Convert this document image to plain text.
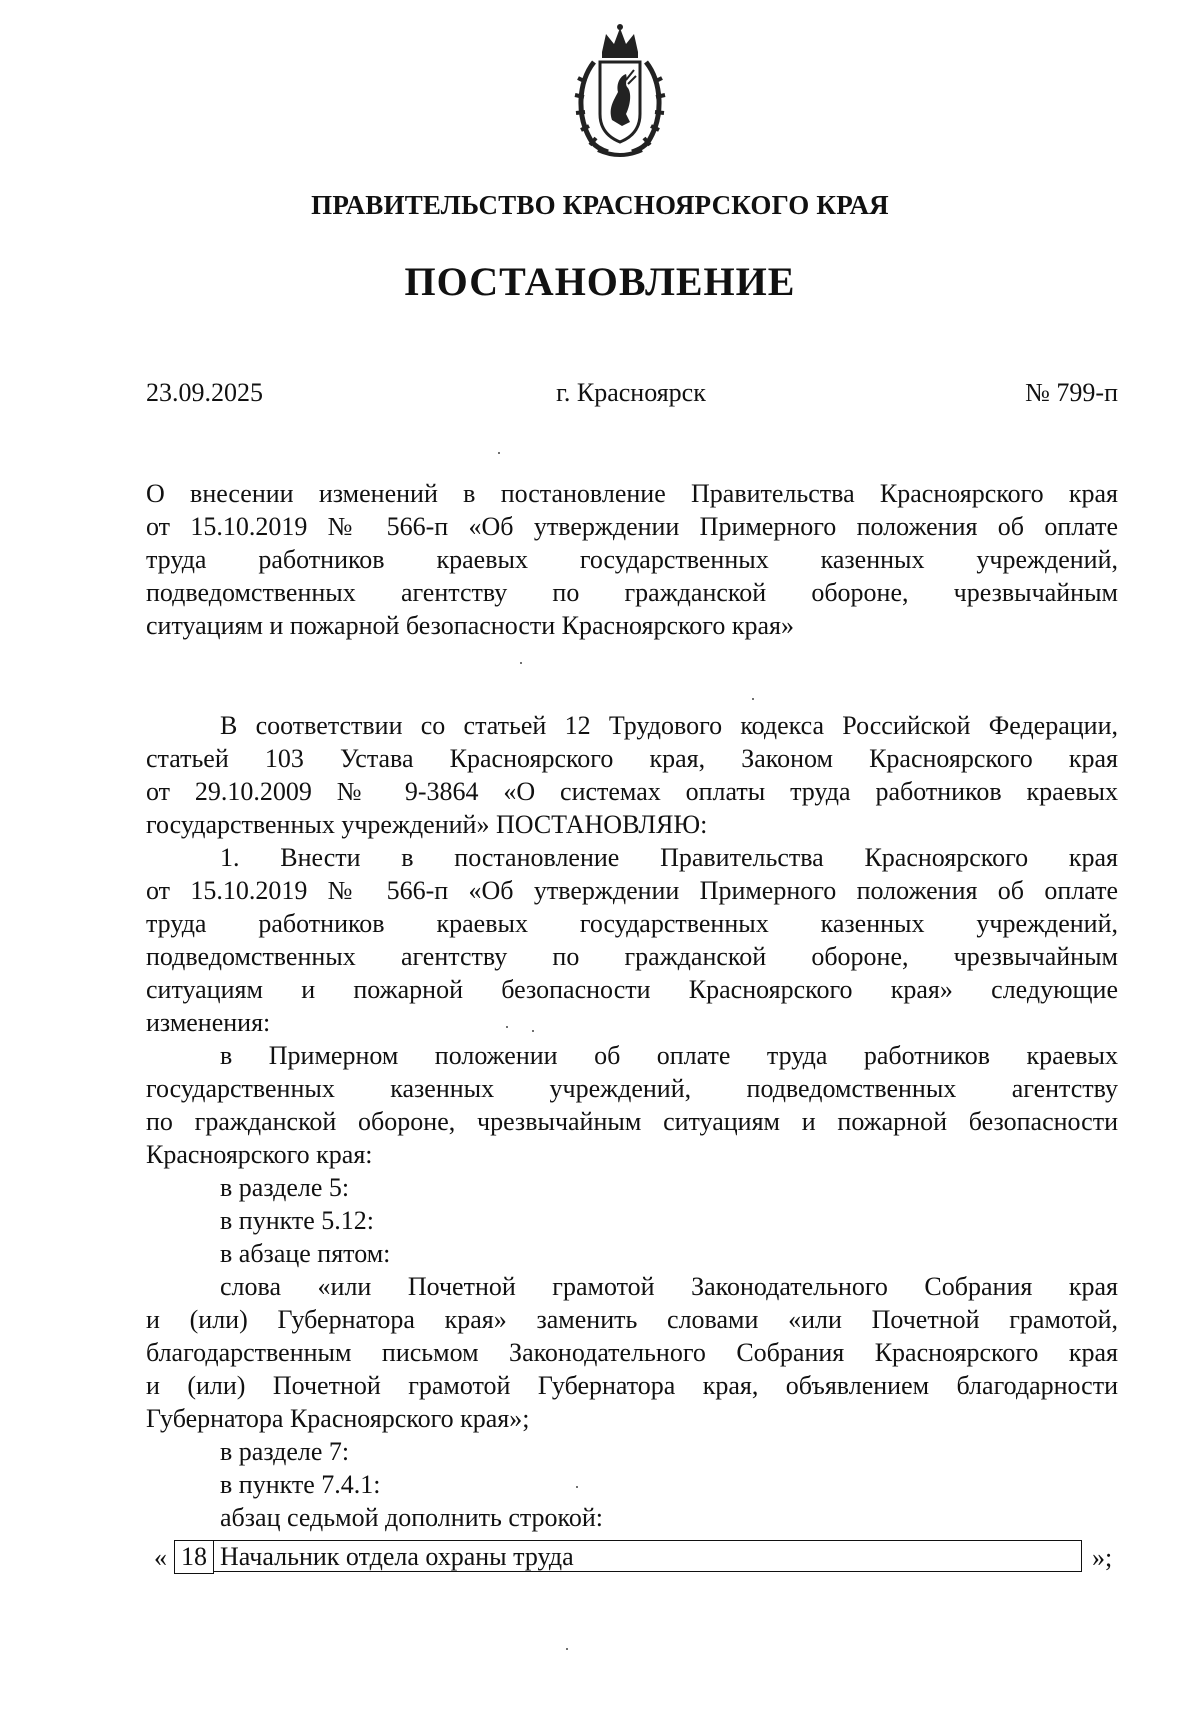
ПРАВИТЕЛЬСТВО КРАСНОЯРСКОГО КРАЯ
ПОСТАНОВЛЕНИЕ
23.09.2025	г. Красноярск	№ 799-п
О внесении изменений в постановление Правительства Красноярского края
от 15.10.2019 № 566-п «Об утверждении Примерного положения об оплате
труда работников краевых государственных казенных учреждений,
подведомственных агентству по гражданской обороне, чрезвычайным
ситуациям и пожарной безопасности Красноярского края»
В соответствии со статьей 12 Трудового кодекса Российской Федерации,
статьей 103 Устава Красноярского края, Законом Красноярского края
от 29.10.2009 № 9-3864 «О системах оплаты труда работников краевых
государственных учреждений» ПОСТАНОВЛЯЮ:
1. Внести в постановление Правительства Красноярского края
от 15.10.2019 № 566-п «Об утверждении Примерного положения об оплате
труда работников краевых государственных казенных учреждений,
подведомственных агентству по гражданской обороне, чрезвычайным
ситуациям и пожарной безопасности Красноярского края» следующие
изменения:
в Примерном положении об оплате труда работников краевых
государственных казенных учреждений, подведомственных агентству
по гражданской обороне, чрезвычайным ситуациям и пожарной безопасности
Красноярского края:
в разделе 5:
в пункте 5.12:
в абзаце пятом:
слова «или Почетной грамотой Законодательного Собрания края
и (или) Губернатора края» заменить словами «или Почетной грамотой,
благодарственным письмом Законодательного Собрания Красноярского края
и (или) Почетной грамотой Губернатора края, объявлением благодарности
Губернатора Красноярского края»;
в разделе 7:
в пункте 7.4.1:
абзац седьмой дополнить строкой:
« 18 Начальник отдела охраны труда	»;
